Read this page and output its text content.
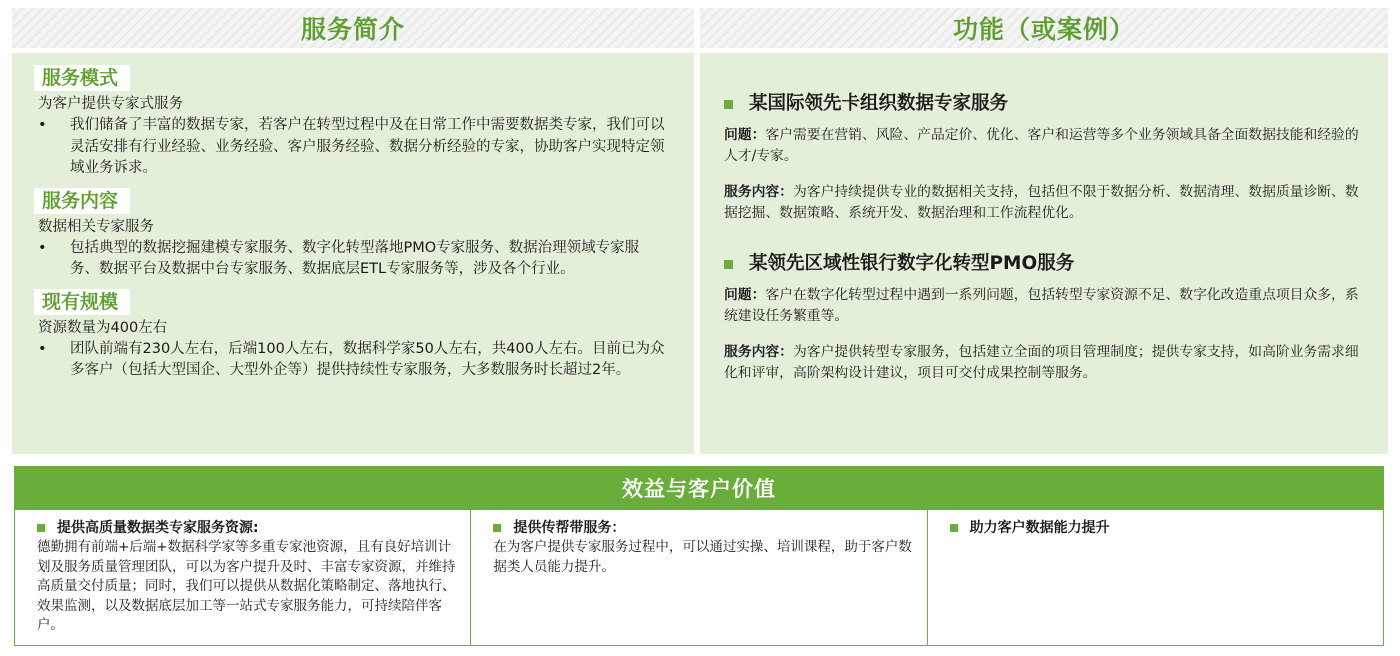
服务简介	功能（或案例）
服务模式
为客户提供专家式服务
•	我们储备了丰富的数据专家，若客户在转型过程中及在日常工作中需要数据类专家，我们可以灵活安排有行业经验、业务经验、客户服务经验、数据分析经验的专家，协助客户实现特定领域业务诉求。
服务内容
数据相关专家服务
•	包括典型的数据挖掘建模专家服务、数字化转型落地PMO专家服务、数据治理领域专家服务、数据平台及数据中台专家服务、数据底层ETL专家服务等，涉及各个行业。
现有规模
资源数量为400左右
•	团队前端有230人左右，后端100人左右，数据科学家50人左右，共400人左右。目前已为众多客户（包括大型国企、大型外企等）提供持续性专家服务，大多数服务时长超过2年。
某国际领先卡组织数据专家服务
问题：客户需要在营销、风险、产品定价、优化、客户和运营等多个业务领域具备全面数据技能和经验的人才/专家。
服务内容：为客户持续提供专业的数据相关支持，包括但不限于数据分析、数据清理、数据质量诊断、数据挖掘、数据策略、系统开发、数据治理和工作流程优化。
某领先区域性银行数字化转型PMO服务
问题：客户在数字化转型过程中遇到一系列问题，包括转型专家资源不足、数字化改造重点项目众多，系统建设任务繁重等。
服务内容：为客户提供转型专家服务，包括建立全面的项目管理制度；提供专家支持，如高阶业务需求细化和评审，高阶架构设计建议，项目可交付成果控制等服务。
效益与客户价值
提供高质量数据类专家服务资源:
德勤拥有前端+后端+数据科学家等多重专家池资源，且有良好培训计划及服务质量管理团队，可以为客户提升及时、丰富专家资源，并维持高质量交付质量；同时，我们可以提供从数据化策略制定、落地执行、效果监测，以及数据底层加工等一站式专家服务能力，可持续陪伴客户。
提供传帮带服务：
在为客户提供专家服务过程中，可以通过实操、培训课程，助于客户数据类人员能力提升。
助力客户数据能力提升
